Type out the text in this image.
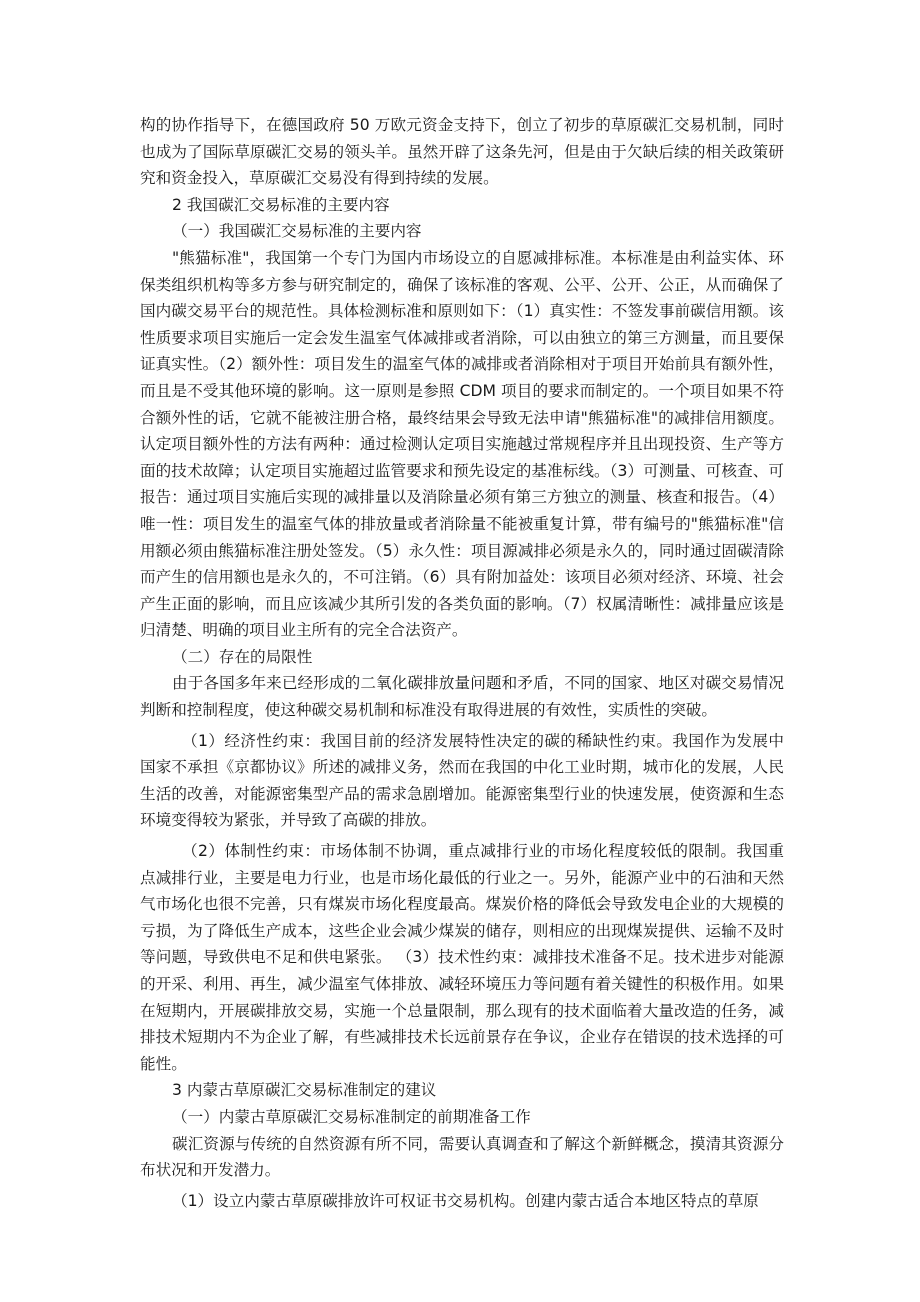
构的协作指导下，在德国政府 50 万欧元资金支持下，创立了初步的草原碳汇交易机制，同时也成为了国际草原碳汇交易的领头羊。虽然开辟了这条先河，但是由于欠缺后续的相关政策研究和资金投入，草原碳汇交易没有得到持续的发展。

2 我国碳汇交易标准的主要内容

（一）我国碳汇交易标准的主要内容

"熊猫标准"，我国第一个专门为国内市场设立的自愿减排标准。本标准是由利益实体、环保类组织机构等多方参与研究制定的，确保了该标准的客观、公平、公开、公正，从而确保了国内碳交易平台的规范性。具体检测标准和原则如下：（1）真实性：不签发事前碳信用额。该性质要求项目实施后一定会发生温室气体减排或者消除，可以由独立的第三方测量，而且要保证真实性。（2）额外性：项目发生的温室气体的减排或者消除相对于项目开始前具有额外性，而且是不受其他环境的影响。这一原则是参照 CDM 项目的要求而制定的。一个项目如果不符合额外性的话，它就不能被注册合格，最终结果会导致无法申请"熊猫标准"的减排信用额度。认定项目额外性的方法有两种：通过检测认定项目实施越过常规程序并且出现投资、生产等方面的技术故障；认定项目实施超过监管要求和预先设定的基准标线。（3）可测量、可核查、可报告：通过项目实施后实现的减排量以及消除量必须有第三方独立的测量、核查和报告。（4）唯一性：项目发生的温室气体的排放量或者消除量不能被重复计算，带有编号的"熊猫标准"信用额必须由熊猫标准注册处签发。（5）永久性：项目源减排必须是永久的，同时通过固碳清除而产生的信用额也是永久的，不可注销。（6）具有附加益处：该项目必须对经济、环境、社会产生正面的影响，而且应该减少其所引发的各类负面的影响。（7）权属清晰性：减排量应该是归清楚、明确的项目业主所有的完全合法资产。

（二）存在的局限性

由于各国多年来已经形成的二氧化碳排放量问题和矛盾，不同的国家、地区对碳交易情况判断和控制程度，使这种碳交易机制和标准没有取得进展的有效性，实质性的突破。

（1）经济性约束：我国目前的经济发展特性决定的碳的稀缺性约束。我国作为发展中国家不承担《京都协议》所述的减排义务，然而在我国的中化工业时期，城市化的发展，人民生活的改善，对能源密集型产品的需求急剧增加。能源密集型行业的快速发展，使资源和生态环境变得较为紧张，并导致了高碳的排放。

（2）体制性约束：市场体制不协调，重点减排行业的市场化程度较低的限制。我国重点减排行业，主要是电力行业，也是市场化最低的行业之一。另外，能源产业中的石油和天然气市场化也很不完善，只有煤炭市场化程度最高。煤炭价格的降低会导致发电企业的大规模的亏损，为了降低生产成本，这些企业会减少煤炭的储存，则相应的出现煤炭提供、运输不及时等问题，导致供电不足和供电紧张。 （3）技术性约束：减排技术准备不足。技术进步对能源的开采、利用、再生，减少温室气体排放、减轻环境压力等问题有着关键性的积极作用。如果在短期内，开展碳排放交易，实施一个总量限制，那么现有的技术面临着大量改造的任务，减排技术短期内不为企业了解，有些减排技术长远前景存在争议，企业存在错误的技术选择的可能性。

3 内蒙古草原碳汇交易标准制定的建议

（一）内蒙古草原碳汇交易标准制定的前期准备工作

碳汇资源与传统的自然资源有所不同，需要认真调查和了解这个新鲜概念，摸清其资源分布状况和开发潜力。

（1）设立内蒙古草原碳排放许可权证书交易机构。创建内蒙古适合本地区特点的草原
